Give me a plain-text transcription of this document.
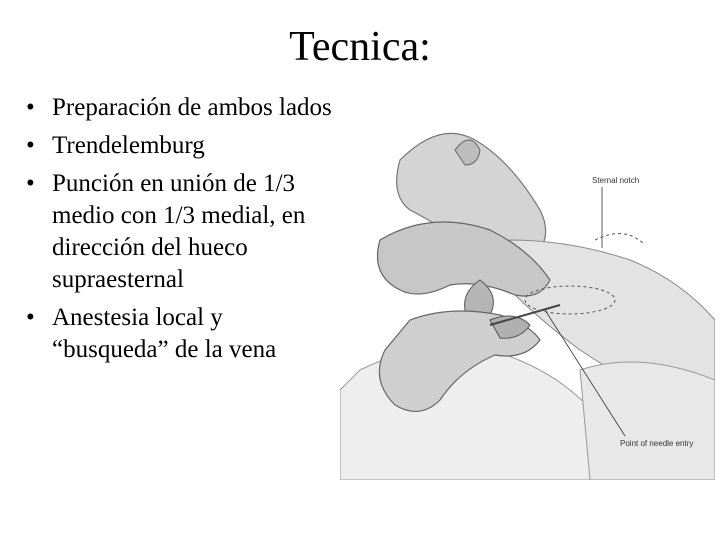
Tecnica:
• Preparación de ambos lados
• Trendelemburg
• Punción en unión de 1/3 medio con 1/3 medial, en dirección del hueco supraesternal
• Anestesia local y “busqueda” de la vena
Sternal notch
Point of needle entry
